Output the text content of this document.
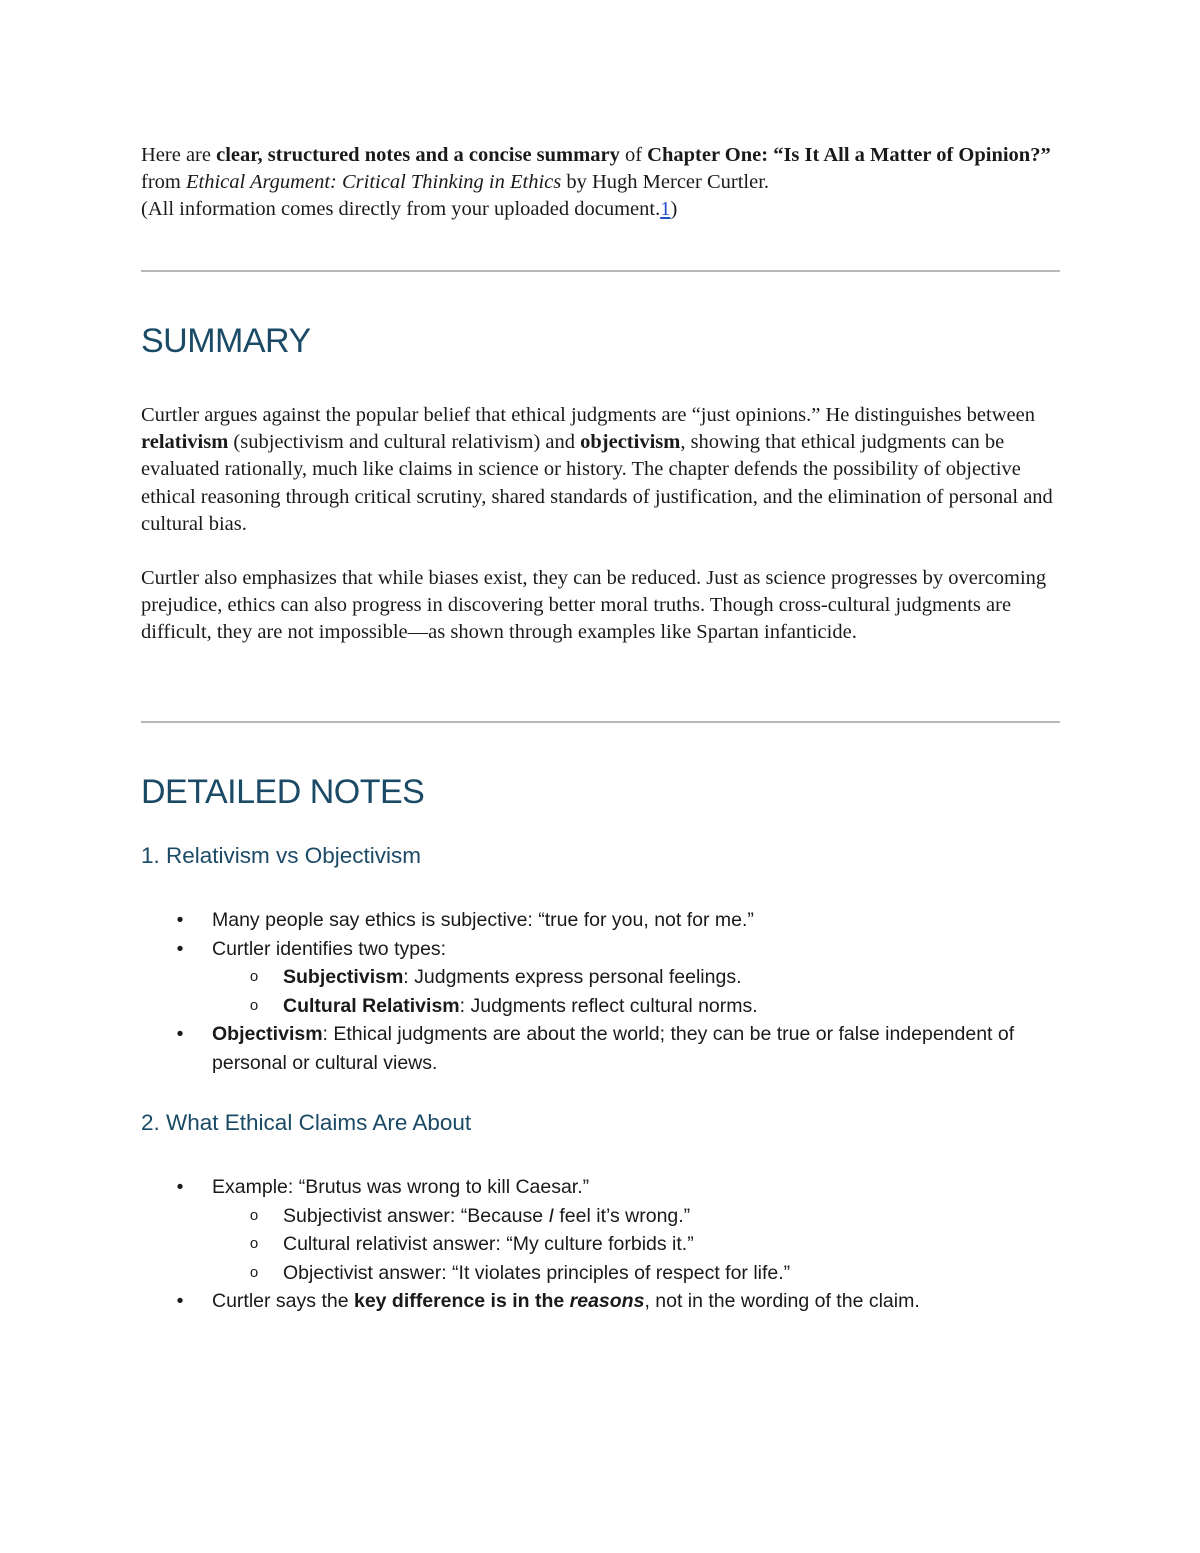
Here are clear, structured notes and a concise summary of Chapter One: “Is It All a Matter of Opinion?” from Ethical Argument: Critical Thinking in Ethics by Hugh Mercer Curtler.

(All information comes directly from your uploaded document.1)

SUMMARY

Curtler argues against the popular belief that ethical judgments are “just opinions.” He distinguishes between relativism (subjectivism and cultural relativism) and objectivism, showing that ethical judgments can be evaluated rationally, much like claims in science or history. The chapter defends the possibility of objective ethical reasoning through critical scrutiny, shared standards of justification, and the elimination of personal and cultural bias.

Curtler also emphasizes that while biases exist, they can be reduced. Just as science progresses by overcoming prejudice, ethics can also progress in discovering better moral truths. Though cross-cultural judgments are difficult, they are not impossible—as shown through examples like Spartan infanticide.

DETAILED NOTES
1. Relativism vs Objectivism
• Many people say ethics is subjective: “true for you, not for me.”
• Curtler identifies two types:
o Subjectivism: Judgments express personal feelings.
o Cultural Relativism: Judgments reflect cultural norms.
• Objectivism: Ethical judgments are about the world; they can be true or false independent of personal or cultural views.
2. What Ethical Claims Are About
• Example: “Brutus was wrong to kill Caesar.”
o Subjectivist answer: “Because I feel it’s wrong.”
o Cultural relativist answer: “My culture forbids it.”
o Objectivist answer: “It violates principles of respect for life.”
• Curtler says the key difference is in the reasons, not in the wording of the claim.
